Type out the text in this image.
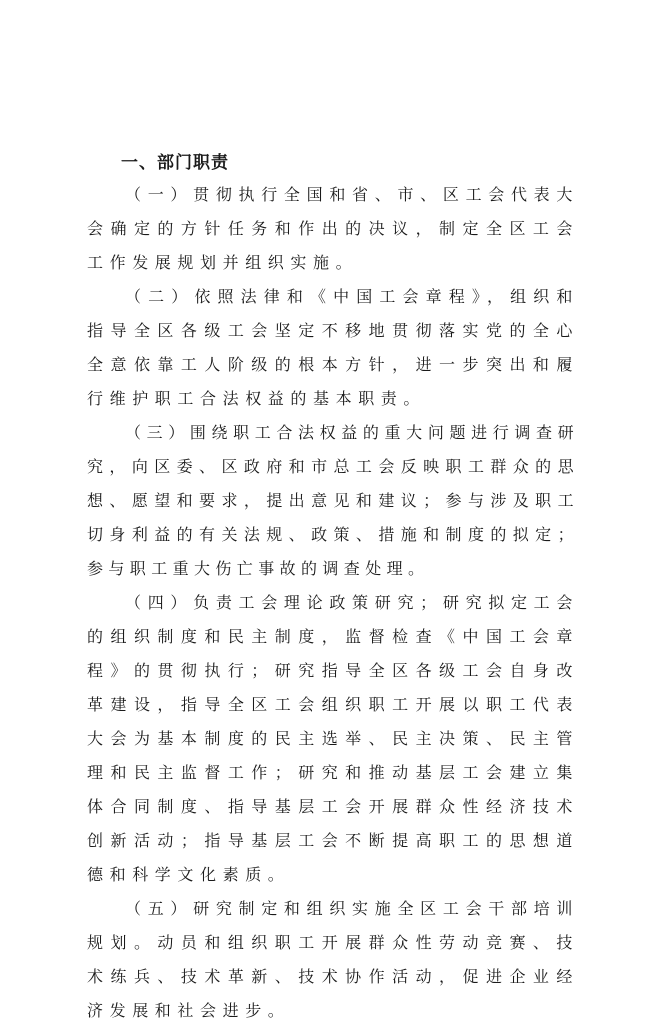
一、部门职责

（一）贯彻执行全国和省、市、区工会代表大会确定的方针任务和作出的决议，制定全区工会工作发展规划并组织实施。

（二）依照法律和《中国工会章程》，组织和指导全区各级工会坚定不移地贯彻落实党的全心全意依靠工人阶级的根本方针，进一步突出和履行维护职工合法权益的基本职责。

（三）围绕职工合法权益的重大问题进行调查研究，向区委、区政府和市总工会反映职工群众的思想、愿望和要求，提出意见和建议；参与涉及职工切身利益的有关法规、政策、措施和制度的拟定；参与职工重大伤亡事故的调查处理。

（四）负责工会理论政策研究；研究拟定工会的组织制度和民主制度，监督检查《中国工会章程》的贯彻执行；研究指导全区各级工会自身改革建设，指导全区工会组织职工开展以职工代表大会为基本制度的民主选举、民主决策、民主管理和民主监督工作；研究和推动基层工会建立集体合同制度、指导基层工会开展群众性经济技术创新活动；指导基层工会不断提高职工的思想道德和科学文化素质。

（五）研究制定和组织实施全区工会干部培训规划。动员和组织职工开展群众性劳动竞赛、技术练兵、技术革新、技术协作活动，促进企业经济发展和社会进步。
